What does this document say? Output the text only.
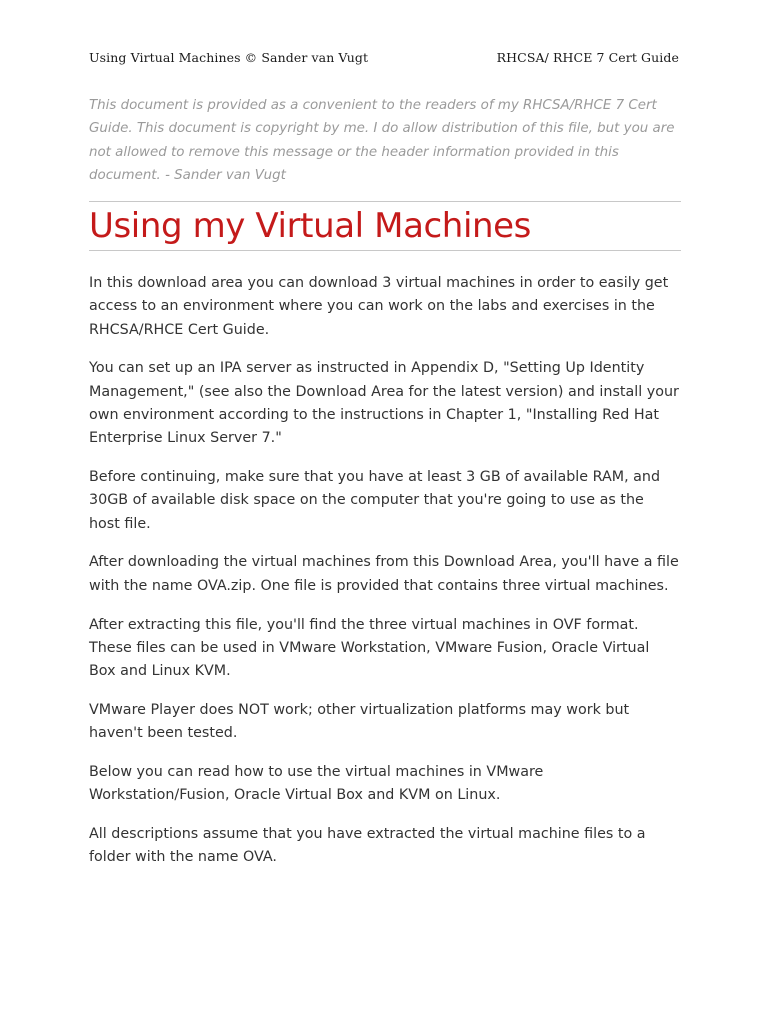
Using Virtual Machines © Sander van Vugt	RHCSA/ RHCE 7 Cert Guide
This document is provided as a convenient to the readers of my RHCSA/RHCE 7 Cert Guide. This document is copyright by me. I do allow distribution of this file, but you are not allowed to remove this message or the header information provided in this document. - Sander van Vugt
Using my Virtual Machines

In this download area you can download 3 virtual machines in order to easily get access to an environment where you can work on the labs and exercises in the RHCSA/RHCE Cert Guide.

You can set up an IPA server as instructed in Appendix D, "Setting Up Identity Management," (see also the Download Area for the latest version) and install your own environment according to the instructions in Chapter 1, "Installing Red Hat Enterprise Linux Server 7."

Before continuing, make sure that you have at least 3 GB of available RAM, and 30GB of available disk space on the computer that you're going to use as the host file.

After downloading the virtual machines from this Download Area, you'll have a file with the name OVA.zip. One file is provided that contains three virtual machines.

After extracting this file, you'll find the three virtual machines in OVF format. These files can be used in VMware Workstation, VMware Fusion, Oracle Virtual Box and Linux KVM.

VMware Player does NOT work; other virtualization platforms may work but haven't been tested.

Below you can read how to use the virtual machines in VMware Workstation/Fusion, Oracle Virtual Box and KVM on Linux.

All descriptions assume that you have extracted the virtual machine files to a folder with the name OVA.
